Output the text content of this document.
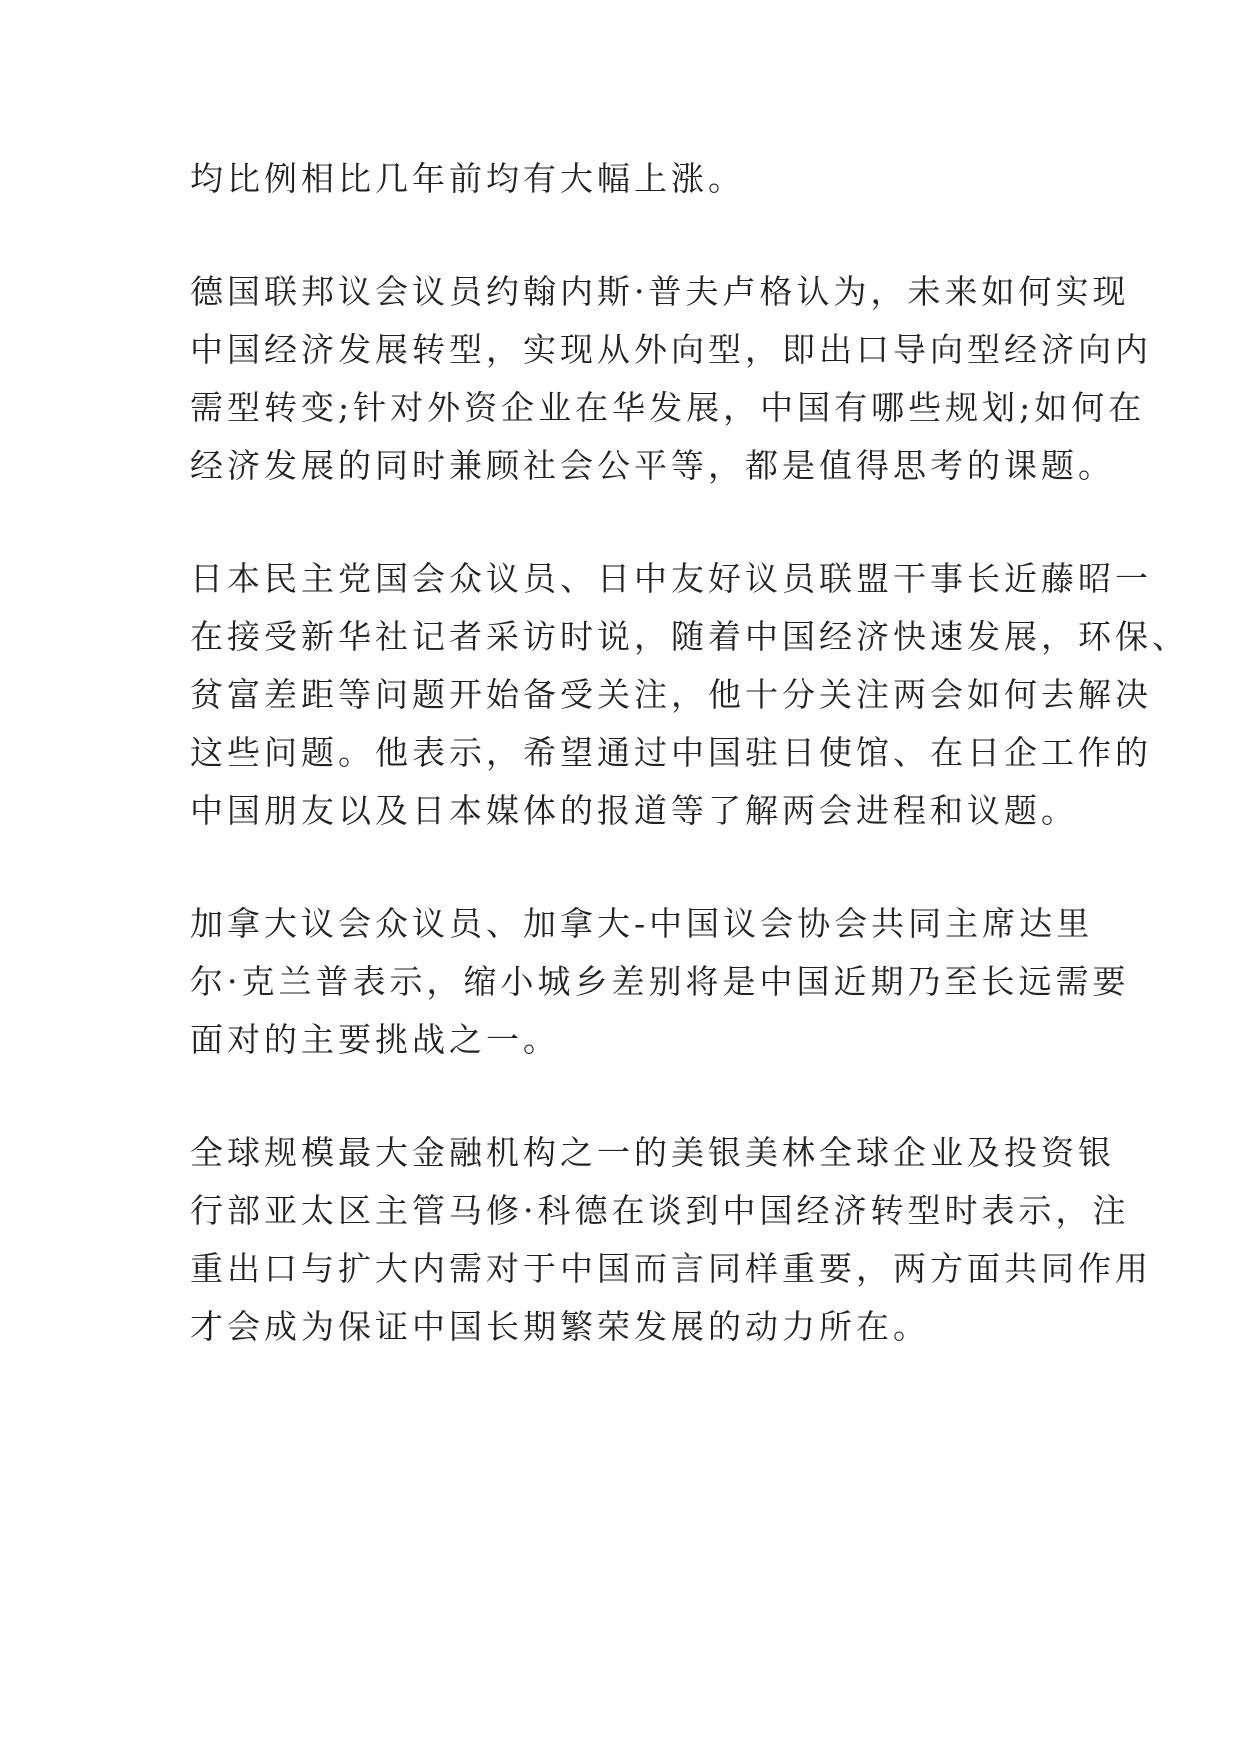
均比例相比几年前均有大幅上涨。

德国联邦议会议员约翰内斯·普夫卢格认为，未来如何实现
中国经济发展转型，实现从外向型，即出口导向型经济向内
需型转变;针对外资企业在华发展，中国有哪些规划;如何在
经济发展的同时兼顾社会公平等，都是值得思考的课题。

日本民主党国会众议员、日中友好议员联盟干事长近藤昭一
在接受新华社记者采访时说，随着中国经济快速发展，环保、
贫富差距等问题开始备受关注，他十分关注两会如何去解决
这些问题。他表示，希望通过中国驻日使馆、在日企工作的
中国朋友以及日本媒体的报道等了解两会进程和议题。

加拿大议会众议员、加拿大-中国议会协会共同主席达里
尔·克兰普表示，缩小城乡差别将是中国近期乃至长远需要
面对的主要挑战之一。

全球规模最大金融机构之一的美银美林全球企业及投资银
行部亚太区主管马修·科德在谈到中国经济转型时表示，注
重出口与扩大内需对于中国而言同样重要，两方面共同作用
才会成为保证中国长期繁荣发展的动力所在。
